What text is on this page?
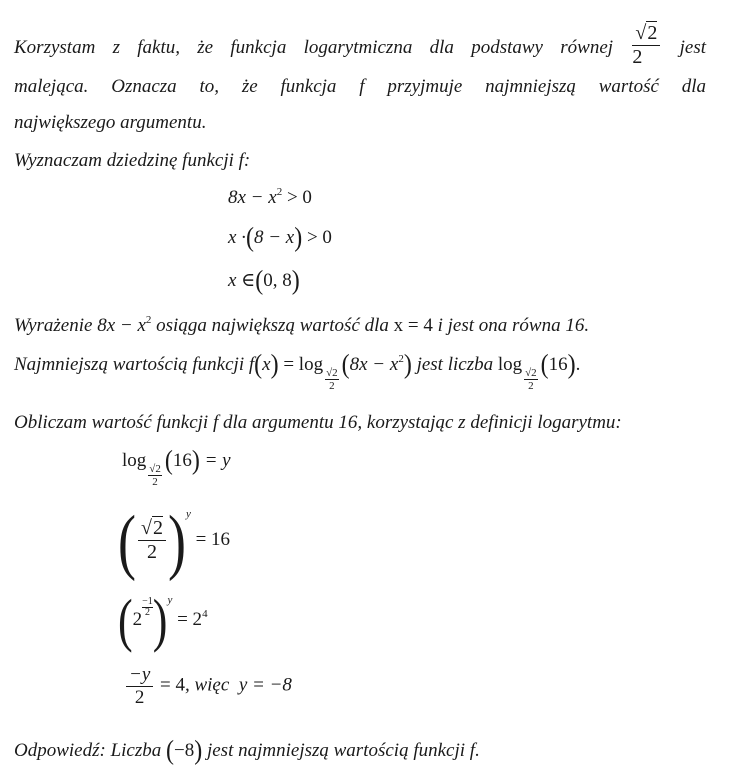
Korzystam z faktu, że funkcja logarytmiczna dla podstawy równej $\frac{√2}{2}$ jest
malejąca. Oznacza to, że funkcja f przyjmuje najmniejszą wartość dla
największego argumentu.
Wyznaczam dziedzinę funkcji f:
$8x - x^2 > 0$
x ·(8 − x) > 0
x ∈(0, 8)
Wyrażenie $8x - x^2$ osiąga największą wartość dla x = 4 i jest ona równa 16.
Najmniejszą wartością funkcji f(x) = log
$\frac{√2}{2} (8x - x^2)$ jest liczba log
$\frac{√2}{2} (16)$.
Obliczam wartość funkcji f dla argumentu 16, korzystając z definicji logarytmu:
log
$\frac{√2}{2} (16) = y$
( $\frac{√2}{2} )^y = 16$
(2
$\frac{-1}{2} )^y = 2^4$
$\frac{-y}{2} = 4$, więc y = −8
Odpowiedź: Liczba (−8) jest najmniejszą wartością funkcji f.
